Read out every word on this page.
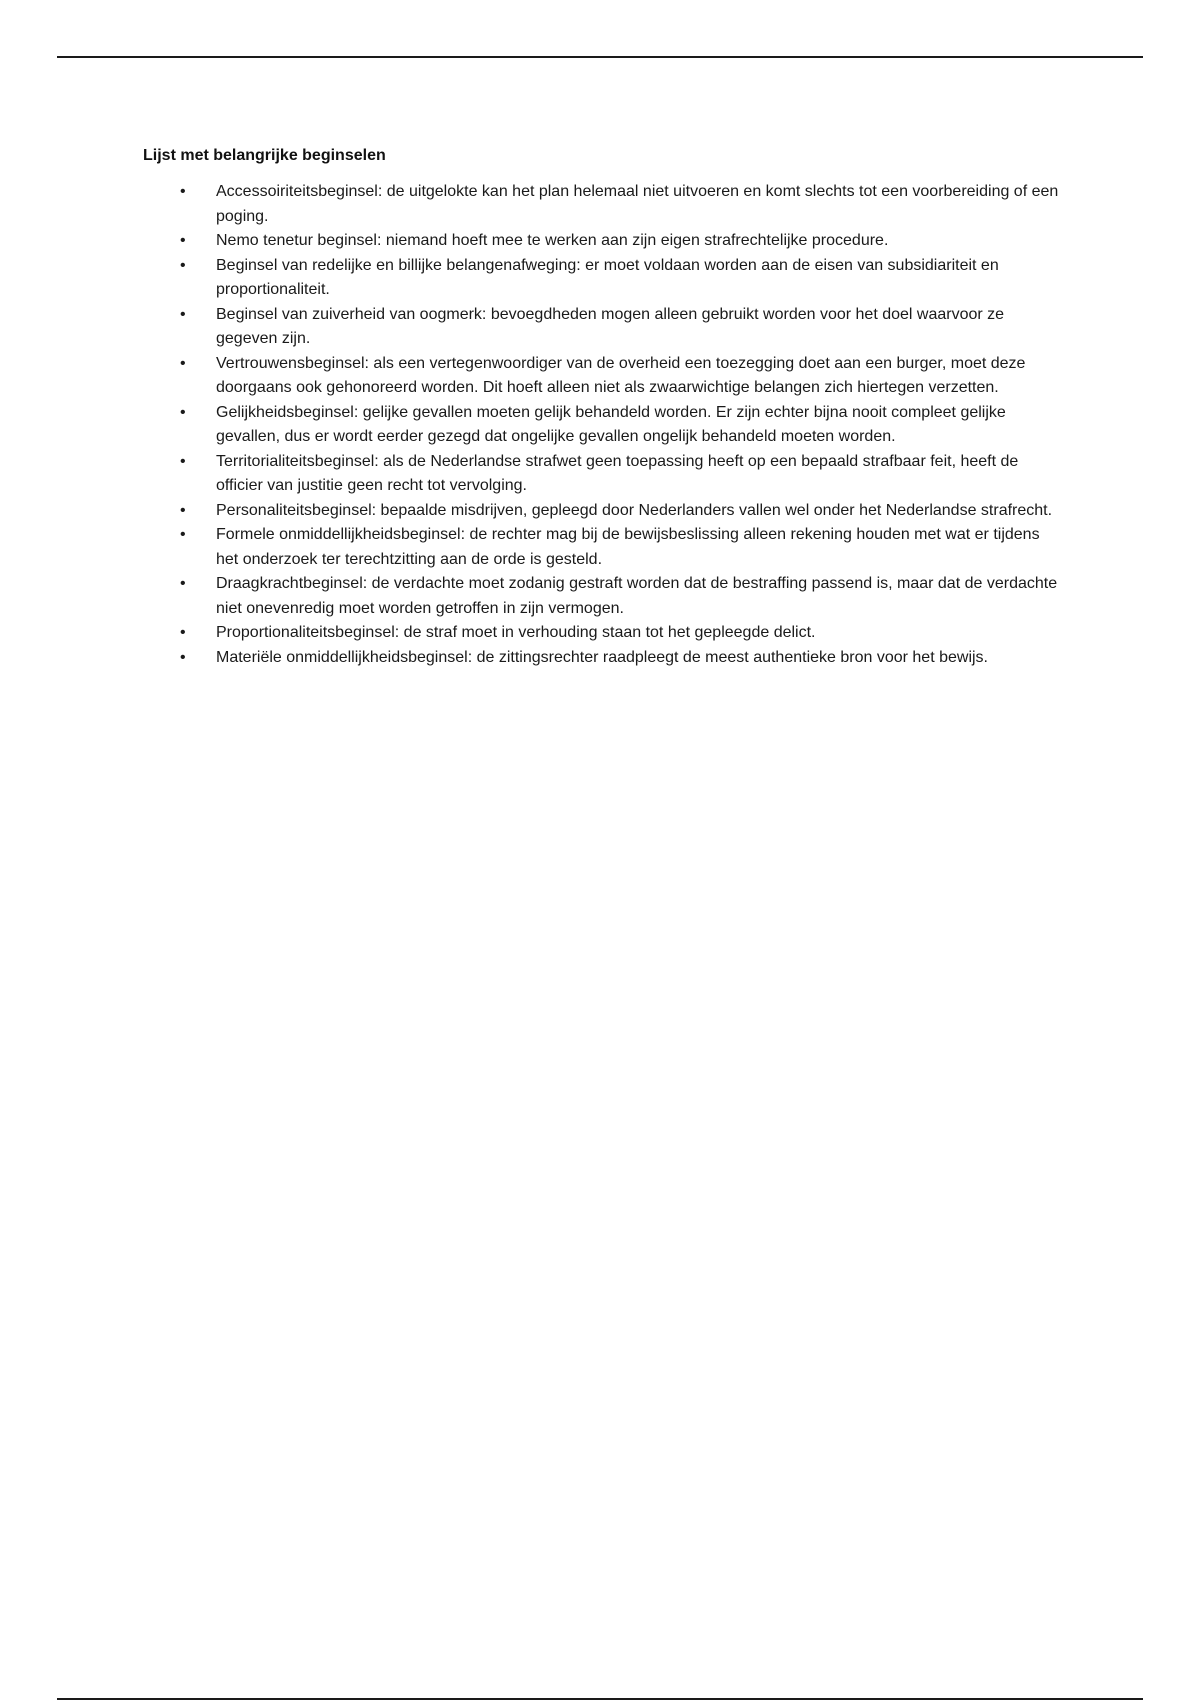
Lijst met belangrijke beginselen
• Accessoiriteitsbeginsel: de uitgelokte kan het plan helemaal niet uitvoeren en komt slechts tot een voorbereiding of een poging.
• Nemo tenetur beginsel: niemand hoeft mee te werken aan zijn eigen strafrechtelijke procedure.
• Beginsel van redelijke en billijke belangenafweging: er moet voldaan worden aan de eisen van subsidiariteit en proportionaliteit.
• Beginsel van zuiverheid van oogmerk: bevoegdheden mogen alleen gebruikt worden voor het doel waarvoor ze gegeven zijn.
• Vertrouwensbeginsel: als een vertegenwoordiger van de overheid een toezegging doet aan een burger, moet deze doorgaans ook gehonoreerd worden. Dit hoeft alleen niet als zwaarwichtige belangen zich hiertegen verzetten.
• Gelijkheidsbeginsel: gelijke gevallen moeten gelijk behandeld worden. Er zijn echter bijna nooit compleet gelijke gevallen, dus er wordt eerder gezegd dat ongelijke gevallen ongelijk behandeld moeten worden.
• Territorialiteitsbeginsel: als de Nederlandse strafwet geen toepassing heeft op een bepaald strafbaar feit, heeft de officier van justitie geen recht tot vervolging.
• Personaliteitsbeginsel: bepaalde misdrijven, gepleegd door Nederlanders vallen wel onder het Nederlandse strafrecht.
• Formele onmiddellijkheidsbeginsel: de rechter mag bij de bewijsbeslissing alleen rekening houden met wat er tijdens het onderzoek ter terechtzitting aan de orde is gesteld.
• Draagkrachtbeginsel: de verdachte moet zodanig gestraft worden dat de bestraffing passend is, maar dat de verdachte niet onevenredig moet worden getroffen in zijn vermogen.
• Proportionaliteitsbeginsel: de straf moet in verhouding staan tot het gepleegde delict.
• Materiële onmiddellijkheidsbeginsel: de zittingsrechter raadpleegt de meest authentieke bron voor het bewijs.
